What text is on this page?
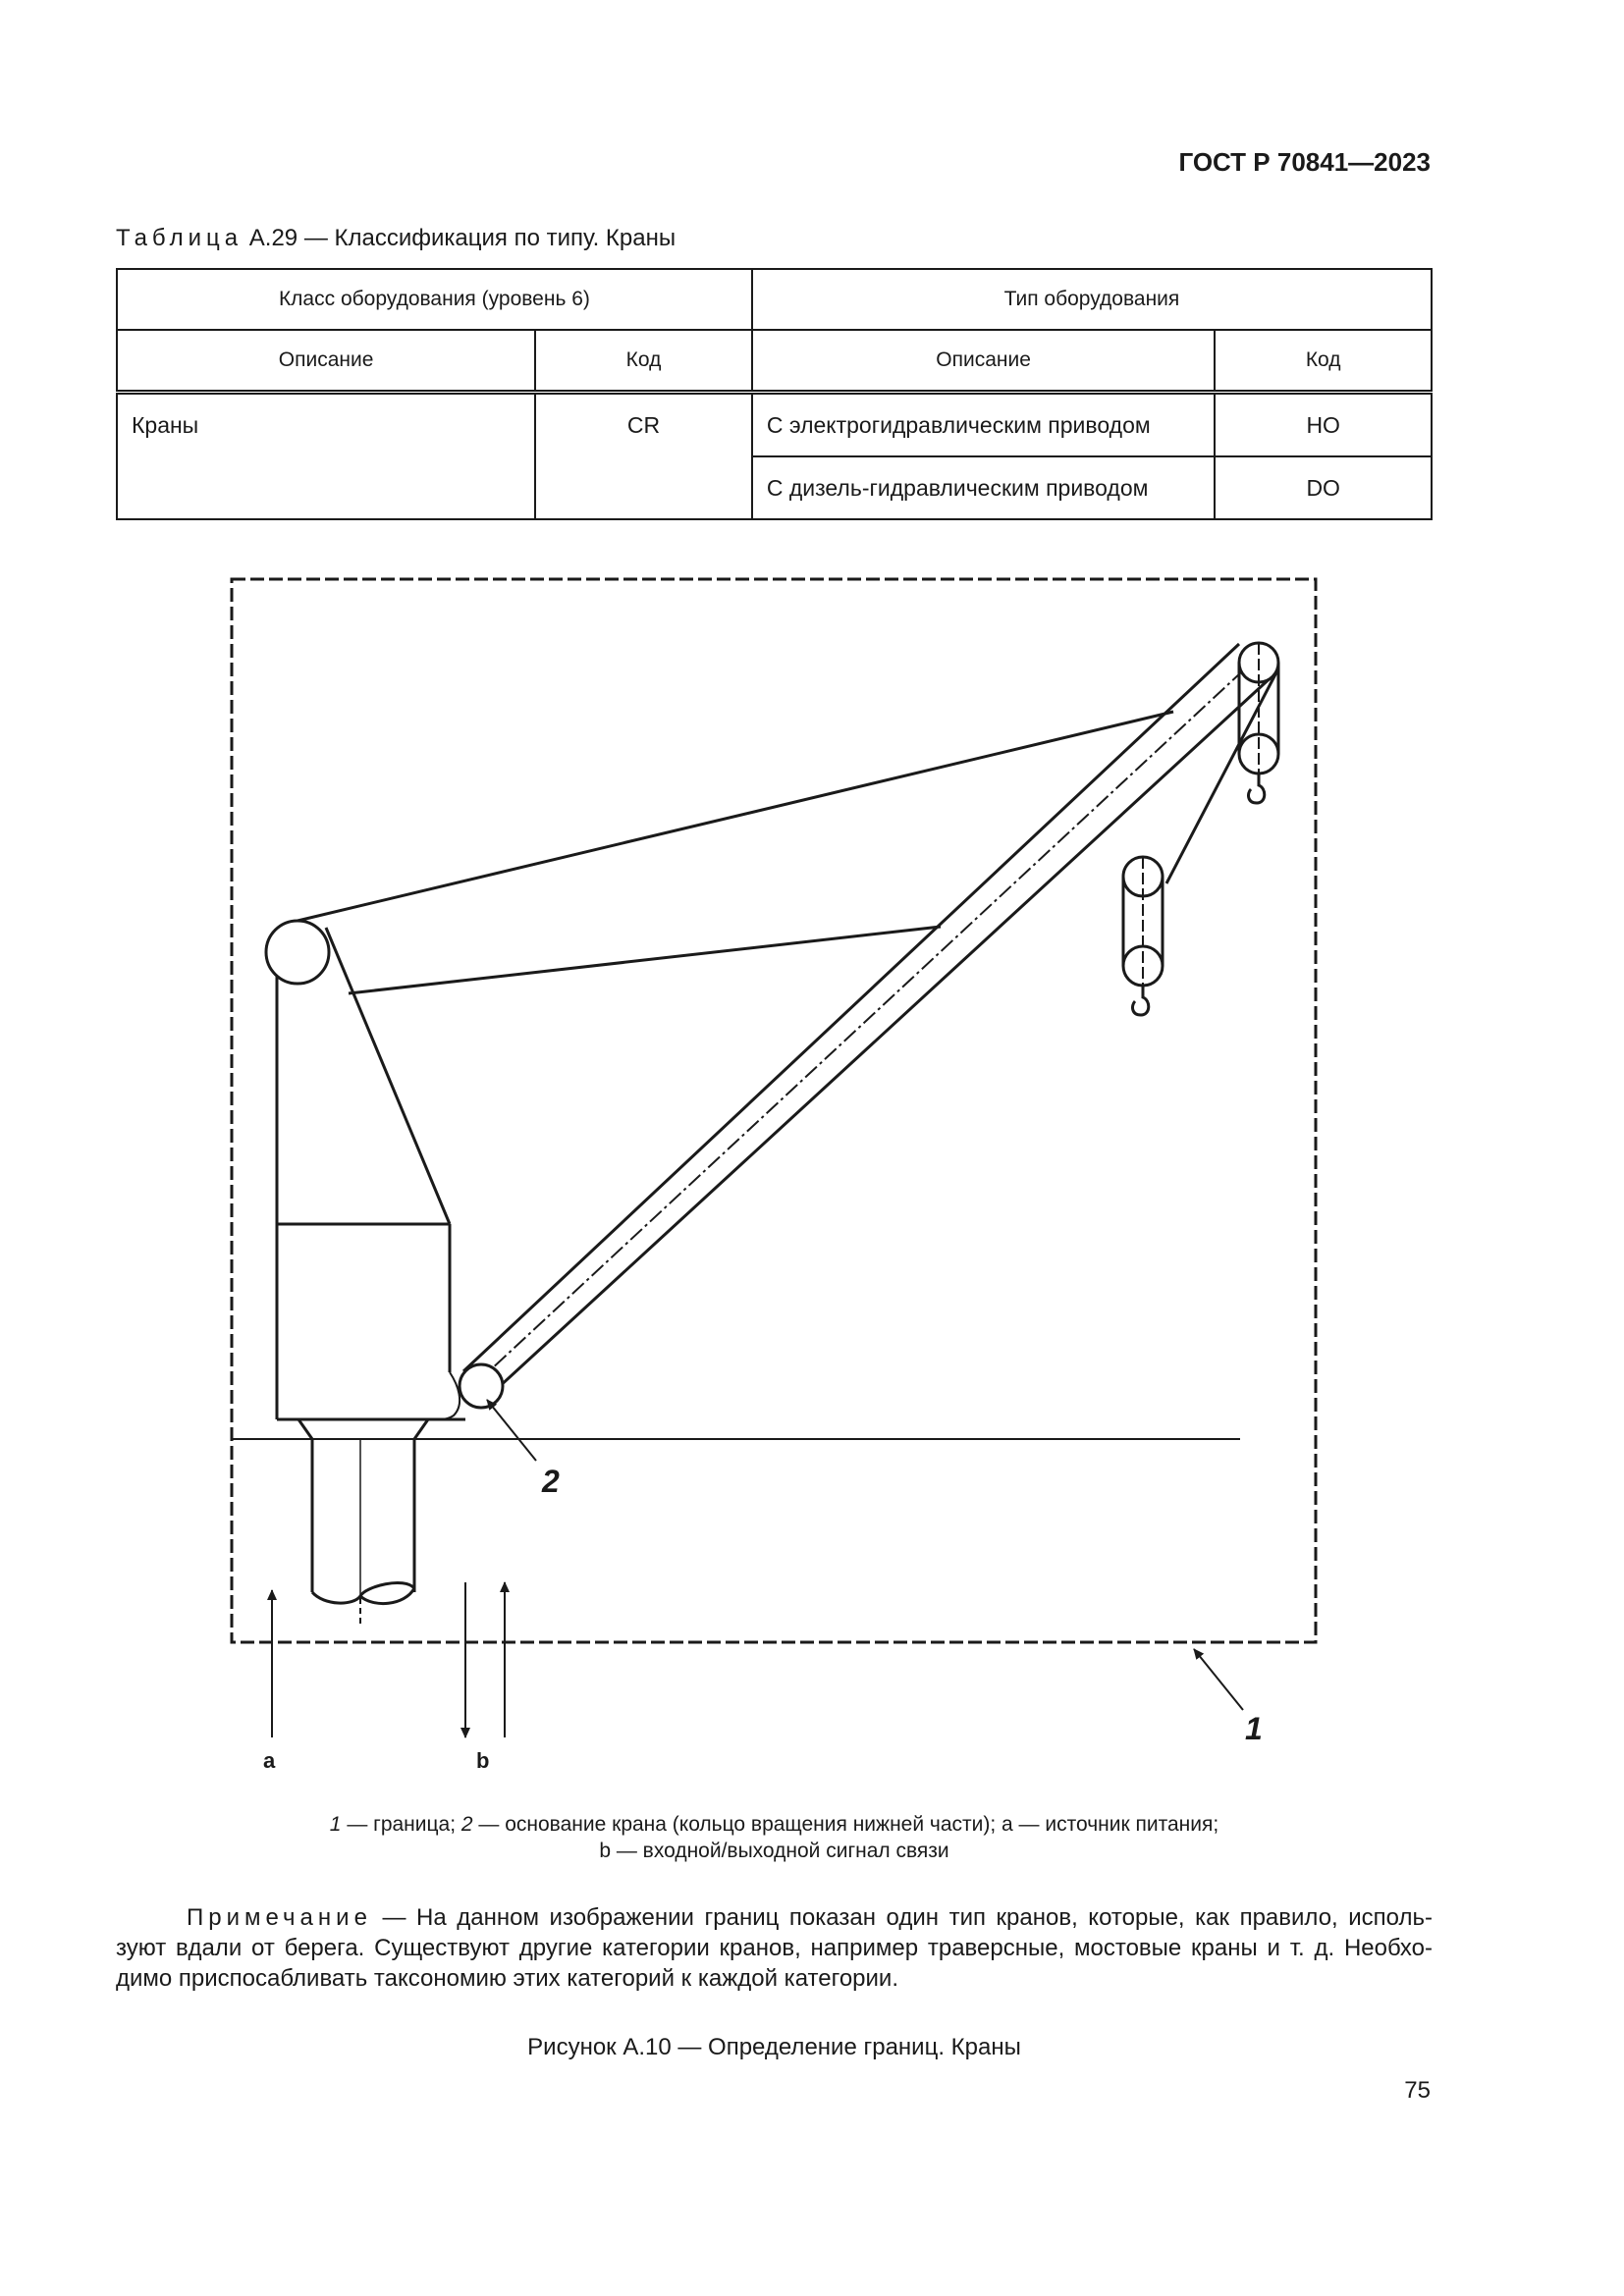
ГОСТ Р 70841—2023
Таблица А.29 — Классификация по типу. Краны
Класс оборудования (уровень 6)		Тип оборудования	
Описание	Код	Описание	Код
Краны	CR	С электрогидравлическим приводом	HO
		С дизель-гидравлическим приводом	DO
2
1
a	b
1 — граница; 2 — основание крана (кольцо вращения нижней части); а — источник питания;
b — входной/выходной сигнал связи
Примечание — На данном изображении границ показан один тип кранов, которые, как правило, исполь-зуют вдали от берега. Существуют другие категории кранов, например траверсные, мостовые краны и т. д. Необхо-димо приспосабливать таксономию этих категорий к каждой категории.
Рисунок А.10 — Определение границ. Краны
75
